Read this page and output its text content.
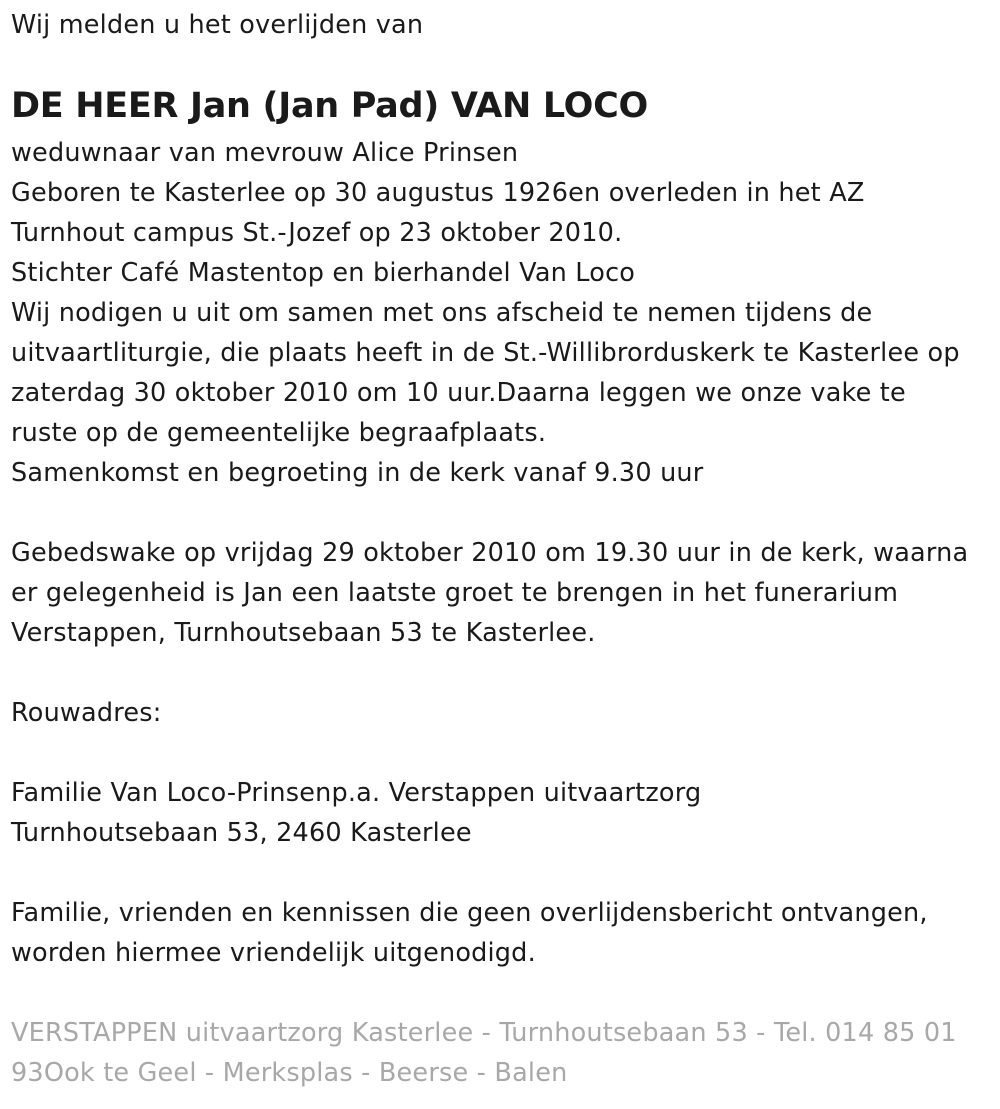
Wij melden u het overlijden van
DE HEER Jan (Jan Pad) VAN LOCO

weduwnaar van mevrouw Alice Prinsen

Geboren te Kasterlee op 30 augustus 1926en overleden in het AZ

Turnhout campus St.-Jozef op 23 oktober 2010.

Stichter Café Mastentop en bierhandel Van Loco

Wij nodigen u uit om samen met ons afscheid te nemen tijdens de

uitvaartliturgie, die plaats heeft in de St.-Willibrorduskerk te Kasterlee op

zaterdag 30 oktober 2010 om 10 uur.Daarna leggen we onze vake te

ruste op de gemeentelijke begraafplaats.

Samenkomst en begroeting in de kerk vanaf 9.30 uur

Gebedswake op vrijdag 29 oktober 2010 om 19.30 uur in de kerk, waarna

er gelegenheid is Jan een laatste groet te brengen in het funerarium

Verstappen, Turnhoutsebaan 53 te Kasterlee.

Rouwadres:

Familie Van Loco-Prinsenp.a. Verstappen uitvaartzorg

Turnhoutsebaan 53, 2460 Kasterlee

Familie, vrienden en kennissen die geen overlijdensbericht ontvangen,

worden hiermee vriendelijk uitgenodigd.

VERSTAPPEN uitvaartzorg Kasterlee - Turnhoutsebaan 53 - Tel. 014 85 01

93Ook te Geel - Merksplas - Beerse - Balen
